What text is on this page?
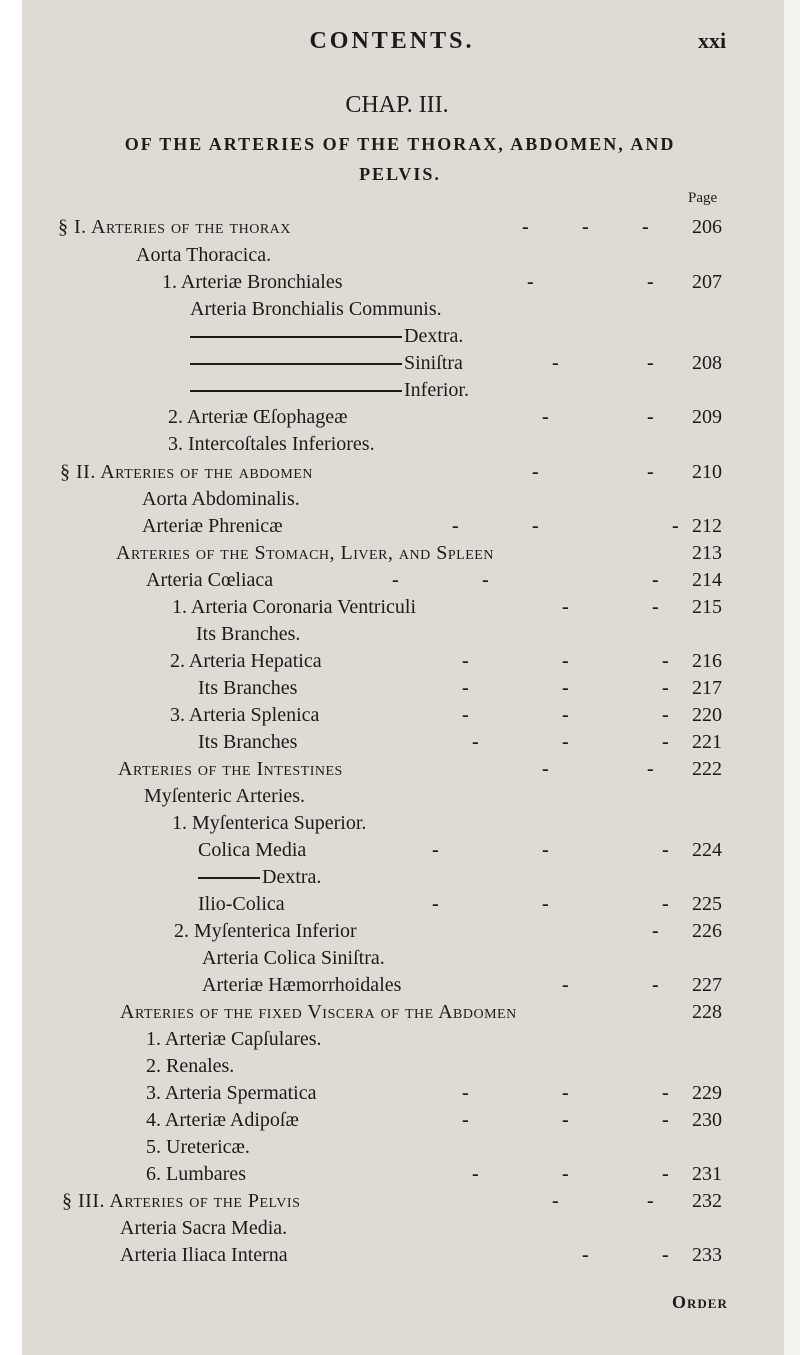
CONTENTS.	xxi
CHAP. III.
OF THE ARTERIES OF THE THORAX, ABDOMEN, AND
PELVIS.
Page
§ I. Arteries of the thorax	-	-	- 206
Aorta Thoracica.
1. Arteriæ Bronchiales	-	- 207
Arteria Bronchialis Communis.
Dextra.
Siniſtra	-	- 208
Inferior.
2. Arteriæ Œſophageæ	-	- 209
3. Intercoſtales Inferiores.
§ II. Arteries of the abdomen	-	- 210
Aorta Abdominalis.
Arteriæ Phrenicæ	-	-	- 212
Arteries of the Stomach, Liver, and Spleen	213
Arteria Cœliaca	-	-	- 214
1. Arteria Coronaria Ventriculi	-	- 215
Its Branches.
2. Arteria Hepatica	-	-	- 216
Its Branches	-	-	- 217
3. Arteria Splenica	-	-	- 220
Its Branches	-	-	- 221
Arteries of the Intestines	-	- 222
Myſenteric Arteries.
1. Myſenterica Superior.
Colica Media	-	-	- 224
Dextra.
Ilio-Colica	-	-	- 225
2. Myſenterica Inferior	- 226
Arteria Colica Siniſtra.
Arteriæ Hæmorrhoidales	-	- 227
Arteries of the fixed Viscera of the Abdomen	228
1. Arteriæ Capſulares.
2. Renales.
3. Arteria Spermatica	-	-	- 229
4. Arteriæ Adipoſæ	-	-	- 230
5. Uretericæ.
6. Lumbares	-	-	- 231
§ III. Arteries of the Pelvis	-	- 232
Arteria Sacra Media.
Arteria Iliaca Interna	-	- 233
Order
